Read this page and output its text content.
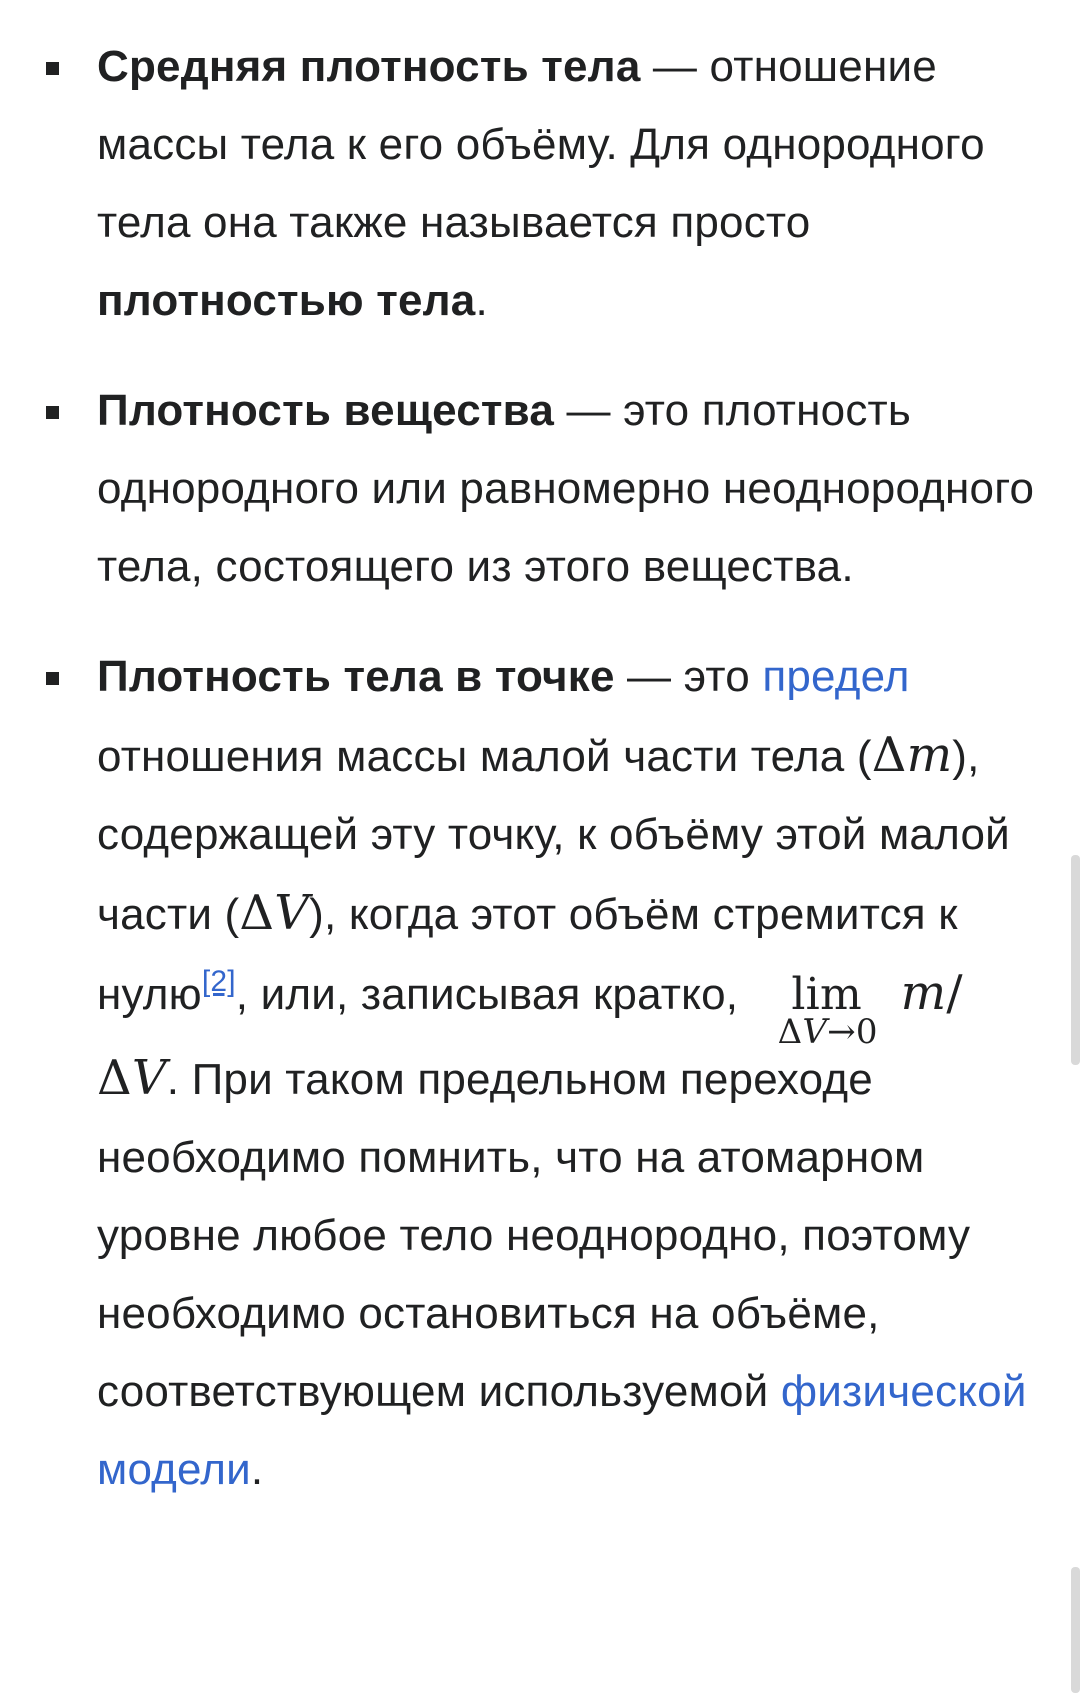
Средняя плотность тела — отношение массы тела к его объёму. Для однородного тела она также называется просто плотностью тела.
Плотность вещества — это плотность однородного или равномерно неоднородного тела, состоящего из этого вещества.
Плотность тела в точке — это предел отношения массы малой части тела (Δm), содержащей эту точку, к объёму этой малой части (ΔV), когда этот объём стремится к нулю[2], или, записывая кратко, lim
ΔV→0
m/ΔV. При таком предельном переходе необходимо помнить, что на атомарном уровне любое тело неоднородно, поэтому необходимо остановиться на объёме, соответствующем используемой физической модели.
